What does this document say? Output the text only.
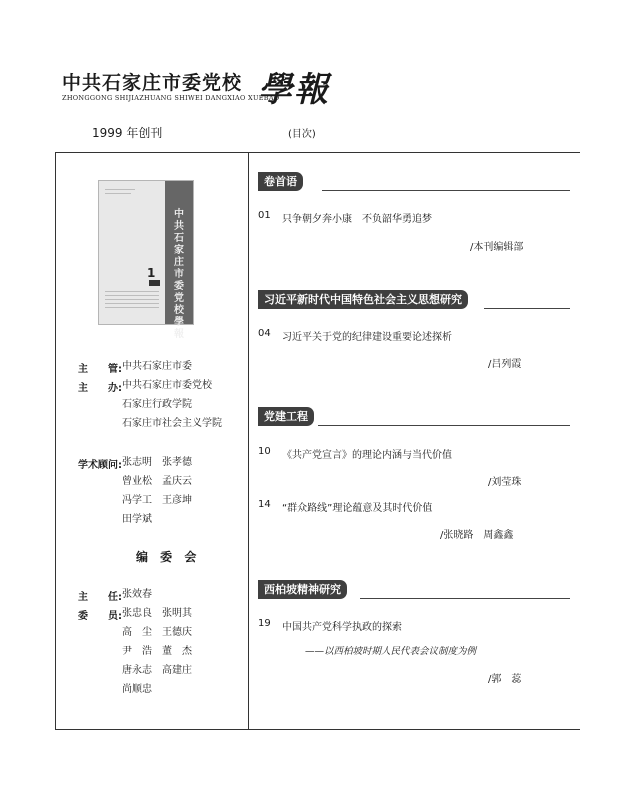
中共石家庄市委党校
ZHONGGONG SHIJIAZHUANG SHIWEI DANGXIAO XUEBAO
學報
1999 年创刊	(目次)
1
中共石家庄市委党校學報
主　　管: 中共石家庄市委
主　　办: 中共石家庄市委党校
石家庄行政学院
石家庄市社会主义学院
学术顾问: 张志明　张孝德
曾业松　孟庆云
冯学工　王彦坤
田学斌
编 委 会
主　　任: 张效春
委　　员: 张忠良　张明其
高　尘　王德庆
尹　浩　董　杰
唐永志　高建庄
尚顺忠
卷首语
01 只争朝夕奔小康　不负韶华勇追梦
/本刊编辑部
习近平新时代中国特色社会主义思想研究
04 习近平关于党的纪律建设重要论述探析
/吕列霞
党建工程
10 《共产党宣言》的理论内涵与当代价值
/刘莹珠
14 “群众路线”理论蕴意及其时代价值
/张晓路　周鑫鑫
西柏坡精神研究
19 中国共产党科学执政的探索
——以西柏坡时期人民代表会议制度为例
/郭　蕊
